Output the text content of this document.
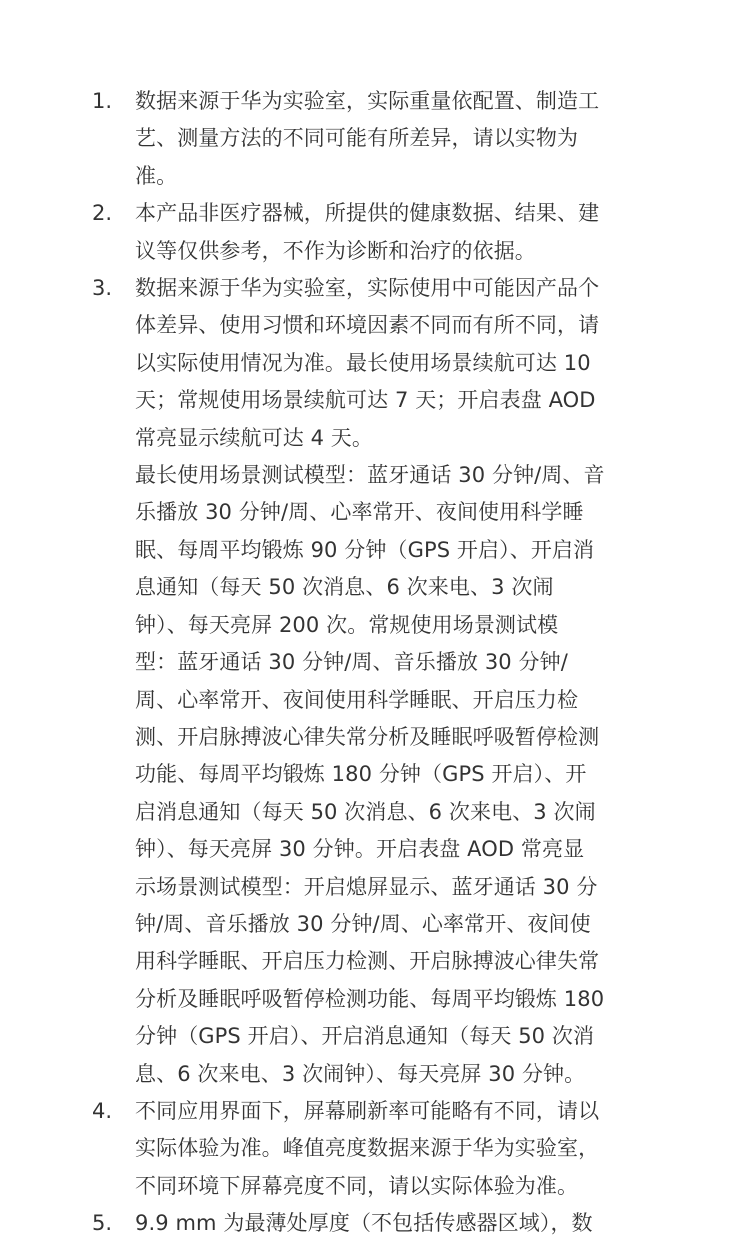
1. 数据来源于华为实验室，实际重量依配置、制造工
艺、测量方法的不同可能有所差异，请以实物为
准。
2. 本产品非医疗器械，所提供的健康数据、结果、建
议等仅供参考，不作为诊断和治疗的依据。
3. 数据来源于华为实验室，实际使用中可能因产品个
体差异、使用习惯和环境因素不同而有所不同，请
以实际使用情况为准。最长使用场景续航可达 10
天；常规使用场景续航可达 7 天；开启表盘 AOD
常亮显示续航可达 4 天。
最长使用场景测试模型：蓝牙通话 30 分钟/周、音
乐播放 30 分钟/周、心率常开、夜间使用科学睡
眠、每周平均锻炼 90 分钟（GPS 开启）、开启消
息通知（每天 50 次消息、6 次来电、3 次闹
钟）、每天亮屏 200 次。常规使用场景测试模
型：蓝牙通话 30 分钟/周、音乐播放 30 分钟/
周、心率常开、夜间使用科学睡眠、开启压力检
测、开启脉搏波心律失常分析及睡眠呼吸暂停检测
功能、每周平均锻炼 180 分钟（GPS 开启）、开
启消息通知（每天 50 次消息、6 次来电、3 次闹
钟）、每天亮屏 30 分钟。开启表盘 AOD 常亮显
示场景测试模型：开启熄屏显示、蓝牙通话 30 分
钟/周、音乐播放 30 分钟/周、心率常开、夜间使
用科学睡眠、开启压力检测、开启脉搏波心律失常
分析及睡眠呼吸暂停检测功能、每周平均锻炼 180
分钟（GPS 开启）、开启消息通知（每天 50 次消
息、6 次来电、3 次闹钟）、每天亮屏 30 分钟。
4. 不同应用界面下，屏幕刷新率可能略有不同，请以
实际体验为准。峰值亮度数据来源于华为实验室，
不同环境下屏幕亮度不同，请以实际体验为准。
5. 9.9 mm 为最薄处厚度（不包括传感器区域），数
